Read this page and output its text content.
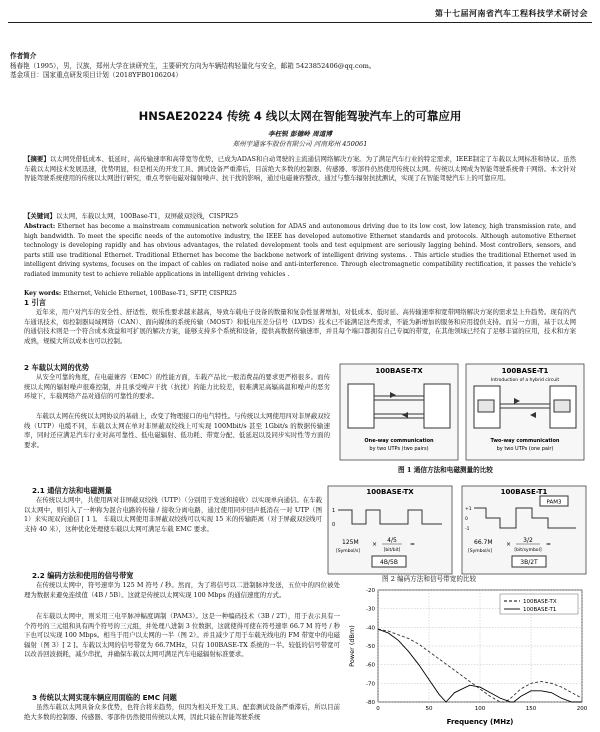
第十七届河南省汽车工程科技学术研讨会
作者简介
杨春艳（1995），男，汉族，郑州大学在读研究生，主要研究方向为车辆结构轻量化与安全，邮箱 5423852406@qq.com。
基金项目：国家重点研发项目计划（2018YFB0106204）
HNSAE20224 传统 4 线以太网在智能驾驶汽车上的可靠应用
李枉锐 彭德岭 周道博
郑州宇通客车股份有限公司 河南郑州 450061
【摘要】以太网凭借低成本、低延时、高传输速率和高带宽等优势，已成为ADAS和自动驾驶的主流通信网络解决方案。为了满足汽车行业的特定需求，IEEE制定了车载以太网标准和协议。虽然车载以太网技术发展迅速，优势明显，但是相关的开发工具、测试设备严重滞后，目前绝大多数的控制器、传感器、零部件仍然使用传统以太网。传统以太网成为智能驾驶系统骨干网络。本文针对智能驾驶系统使用的传统以太网进行研究，重点考察电磁对辐射噪声、抗干扰的影响，通过电磁兼容整改，通过与整车辐射抗扰测试，实现了在智能驾驶汽车上的可靠应用。
【关键词】以太网，车载以太网，100Base-T1，双屏蔽双绞线，CISPR25
Abstract: Ethernet has become a mainstream communication network solution for ADAS and autonomous driving due to its low cost, low latency, high transmission rate, and high bandwidth. To meet the specific needs of the automotive industry, the IEEE has developed automotive Ethernet standards and protocols. Although automotive Ethernet technology is developing rapidly and has obvious advantages, the related development tools and test equipment are seriously lagging behind. Most controllers, sensors, and parts still use traditional Ethernet. Traditional Ethernet has become the backbone network of intelligent driving systems. . This article studies the traditional Ethernet used in intelligent driving systems, focuses on the impact of cables on radiated noise and anti-interference. Through electromagnetic compatibility rectification, it passes the vehicle's radiated immunity test to achieve reliable applications in intelligent driving vehicles .
Key words: Ethernet, Vehicle Ethernet, 100Base-T1, SFTP, CISPR25
1 引言
近年来，用户对汽车的安全性、舒适性、娱乐性要求越来越高，导致车载电子设备的数量和复杂性显著增加，对低成本、低时延、高传输速率和宽带网络解决方案的需求呈上升趋势。现有的汽车通讯技术，如控制器局域网络（CAN）、面向媒体的系统传输（MOST）和低电压差分信号（LVDS）技术已不能满足这些需求，不能为新增加的服务和应用提供支持。而另一方面，基于以太网的通信技术则是一个符合成本效益和可扩展的解决方案，能够支持多个系统和设备，提供高数据传输速率，并且每个端口都拥有自己专属的带宽，在其他领域已经有了足够丰富的应用，技术和方案成熟，规模大所以成本也可以控制。
2 车载以太网的优势
从安全可靠的角度，在电磁兼容（EMC）的性能方面，车载产品比一般消费品的要求更严格很多。而传统以太网的辐射噪声很难控制，并且承受噪声干扰（抗扰）的能力比较差，很难满足高辐高温和噪声的恶劣环境下，车载网络产品对通信的可靠性的要求。
车载以太网在传统以太网协议的基础上，改变了物理接口的电气特性。与传统以太网使用四对非屏蔽双绞线（UTP）电缆不同，车载以太网在单对非屏蔽双绞线上可实现 100Mbit/s 甚至 1Gbit/s 的数据传输速率，同时还应满足汽车行业对高可靠性、低电磁辐射、低功耗、带宽分配、低延迟以及同步实时性等方面的要求。
100BASE-TX	100BASE-T1
Introduction of a hybrid circuit
One-way communication
by two UTPs (two pairs)
Two-way communication
by two UTPs (one pair)
图 1 通信方法和电磁测量的比较
2.1 通信方法和电磁测量
在传统以太网中，共使用两对非屏蔽双绞线（UTP）（分别用于发送和接收）以实现单向通信。在车载以太网中，则引入了一种称为混合电路的传输 / 接收分离电路，通过使用同步回声抵消在一对 UTP（图 1）来实现双向通信 [ 1 ]。 车载以太网使用非屏蔽双绞线可以实现 15 米的传输距离（对于屏蔽双绞线可支持 40 米），这种优化处理使车载以太网可满足车载 EMC 要求。
100BASE-TX	100BASE-T1
1
0
PAM3
+1
0
-1
125M
[Symbol/s]
×
4/5
[bit/bit]
=
4B/5B
66.7M
[Symbol/s]
×
3/2
[bit/symbol]
=
3B/2T
2.2 编码方法和使用的信号带宽
在传统以太网中，符号速率为 125 M 符号 / 秒。然而，为了将信号以二进制脉冲发送，五位中的四位被处理为数据来避免连续值（4B / 5B）。这就是传统以太网实现 100 Mbps 的通信速度的方式。
图 2 编码方法和信号带宽的比较
在车载以太网中，则采用三电平脉冲幅度调制（PAM3）。这是一种编码技术（3B / 2T），用于表示具有一个符号的三元组和具有两个符号的三元组，并处理八进制 3 位数据，这就使得可使在符号速率 66.7 M 符号 / 秒下也可以实现 100 Mbps。相当于用户以太网的一半（图 2）。并且减少了用于车载无线电的 FM 带宽中的电磁辐射（图 3）[ 2 ]。车载以太网的信号带宽为 66.7MHz，只有 100BASE-TX 系统的一半。较低的信号带宽可以改善回波损耗，减少串扰，并确保车载以太网可满足汽车电磁辐射标准要求。
3 传统以太网实现车辆应用面临的 EMC 问题
虽然车载以太网具备众多优势，也符合将来趋势，但因为相关开发工具、配套测试设备严重滞后，所以目前绝大多数的控制器、传感器、零部件仍然使用传统以太网，因此只能在智能驾驶系统
-20
-30
-40
-50
-60
-70
-80
0	50	100	150	200
100BASE-TX
100BASE-T1
Power (dBm)
Frequency (MHz)
